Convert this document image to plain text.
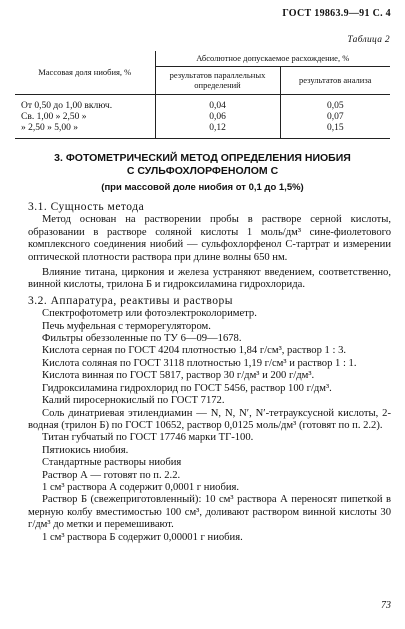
ГОСТ 19863.9—91 С. 4
Таблица 2
Массовая доля ниобия, %	Абсолютное допускаемое расхождение, %	
	результатов параллельных определений	результатов анализа
От 0,50 до 1,00 включ.	0,04	0,05
Св. 1,00 » 2,50 »	0,06	0,07
» 2,50 » 5,00 »	0,12	0,15
3. ФОТОМЕТРИЧЕСКИЙ МЕТОД ОПРЕДЕЛЕНИЯ НИОБИЯ
С СУЛЬФОХЛОРФЕНОЛОМ С
(при массовой доле ниобия от 0,1 до 1,5%)

3.1. Сущность метода

Метод основан на растворении пробы в растворе серной кислоты, образовании в растворе соляной кислоты 1 моль/дм³ сине-фиолетового комплексного соединения ниобий — сульфохлорфенол С-тартрат и измерении оптической плотности раствора при длине волны 650 нм.

Влияние титана, циркония и железа устраняют введением, соответственно, винной кислоты, трилона Б и гидроксиламина гидрохлорида.

3.2. Аппаратура, реактивы и растворы

Спектрофотометр или фотоэлектроколориметр.

Печь муфельная с терморегулятором.

Фильтры обеззоленные по ТУ 6—09—1678.

Кислота серная по ГОСТ 4204 плотностью 1,84 г/см³, раствор 1 : 3.

Кислота соляная по ГОСТ 3118 плотностью 1,19 г/см³ и раствор 1 : 1.

Кислота винная по ГОСТ 5817, раствор 30 г/дм³ и 200 г/дм³.

Гидроксиламина гидрохлорид по ГОСТ 5456, раствор 100 г/дм³.

Калий пиросернокислый по ГОСТ 7172.

Соль динатриевая этилендиамин — N, N, N′, N′-тетрауксусной кислоты, 2-водная (трилон Б) по ГОСТ 10652, раствор 0,0125 моль/дм³ (готовят по п. 2.2).

Титан губчатый по ГОСТ 17746 марки ТГ-100.

Пятиокись ниобия.

Стандартные растворы ниобия

Раствор А — готовят по п. 2.2.

1 см³ раствора А содержит 0,0001 г ниобия.

Раствор Б (свежеприготовленный): 10 см³ раствора А переносят пипеткой в мерную колбу вместимостью 100 см³, доливают раствором винной кислоты 30 г/дм³ до метки и перемешивают.

1 см³ раствора Б содержит 0,00001 г ниобия.

73
